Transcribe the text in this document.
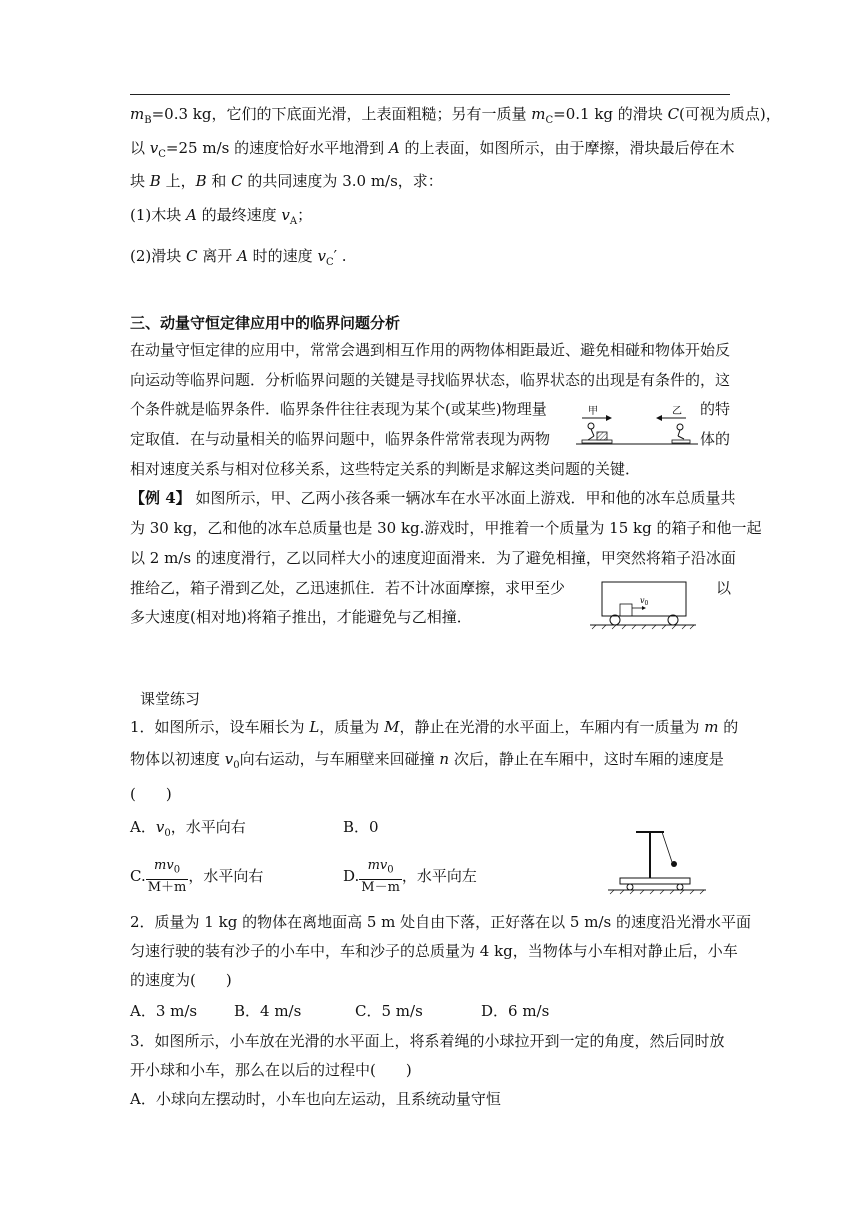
$m_B=0.3$ kg，它们的下底面光滑，上表面粗糙；另有一质量 $m_C=0.1$ kg 的滑块 C(可视为质点)，
以 $v_C=25$ m/s 的速度恰好水平地滑到 A 的上表面，如图所示，由于摩擦，滑块最后停在木
块 B 上，B 和 C 的共同速度为 3.0 m/s，求：
(1)木块 A 的最终速度 $v_A$；
(2)滑块 C 离开 A 时的速度 $v_C'$ .
三、动量守恒定律应用中的临界问题分析
在动量守恒定律的应用中，常常会遇到相互作用的两物体相距最近、避免相碰和物体开始反
向运动等临界问题．分析临界问题的关键是寻找临界状态，临界状态的出现是有条件的，这
个条件就是临界条件．临界条件往往表现为某个(或某些)物理量	的特
定取值．在与动量相关的临界问题中，临界条件常常表现为两物	体的
相对速度关系与相对位移关系，这些特定关系的判断是求解这类问题的关键．
甲	乙
【例 4】 如图所示，甲、乙两小孩各乘一辆冰车在水平冰面上游戏．甲和他的冰车总质量共
为 30 kg，乙和他的冰车总质量也是 30 kg.游戏时，甲推着一个质量为 15 kg 的箱子和他一起
以 2 m/s 的速度滑行，乙以同样大小的速度迎面滑来．为了避免相撞，甲突然将箱子沿冰面
推给乙，箱子滑到乙处，乙迅速抓住．若不计冰面摩擦，求甲至少	以
多大速度(相对地)将箱子推出，才能避免与乙相撞．
$v_0$
课堂练习
1．如图所示，设车厢长为 L，质量为 M，静止在光滑的水平面上，车厢内有一质量为 m 的
物体以初速度 $v_0$向右运动，与车厢壁来回碰撞 n 次后，静止在车厢中，这时车厢的速度是
(　　)
A．$v_0$，水平向右	B．0
C. $\frac{mv_0}{M+m}$ ，水平向右	D. $\frac{mv_0}{M-m}$ ，水平向左
2．质量为 1 kg 的物体在离地面高 5 m 处自由下落，正好落在以 5 m/s 的速度沿光滑水平面
匀速行驶的装有沙子的小车中，车和沙子的总质量为 4 kg，当物体与小车相对静止后，小车
的速度为(　　)
A．3 m/s	B．4 m/s	C．5 m/s	D．6 m/s
3．如图所示，小车放在光滑的水平面上，将系着绳的小球拉开到一定的角度，然后同时放
开小球和小车，那么在以后的过程中(　　)
A．小球向左摆动时，小车也向左运动，且系统动量守恒
